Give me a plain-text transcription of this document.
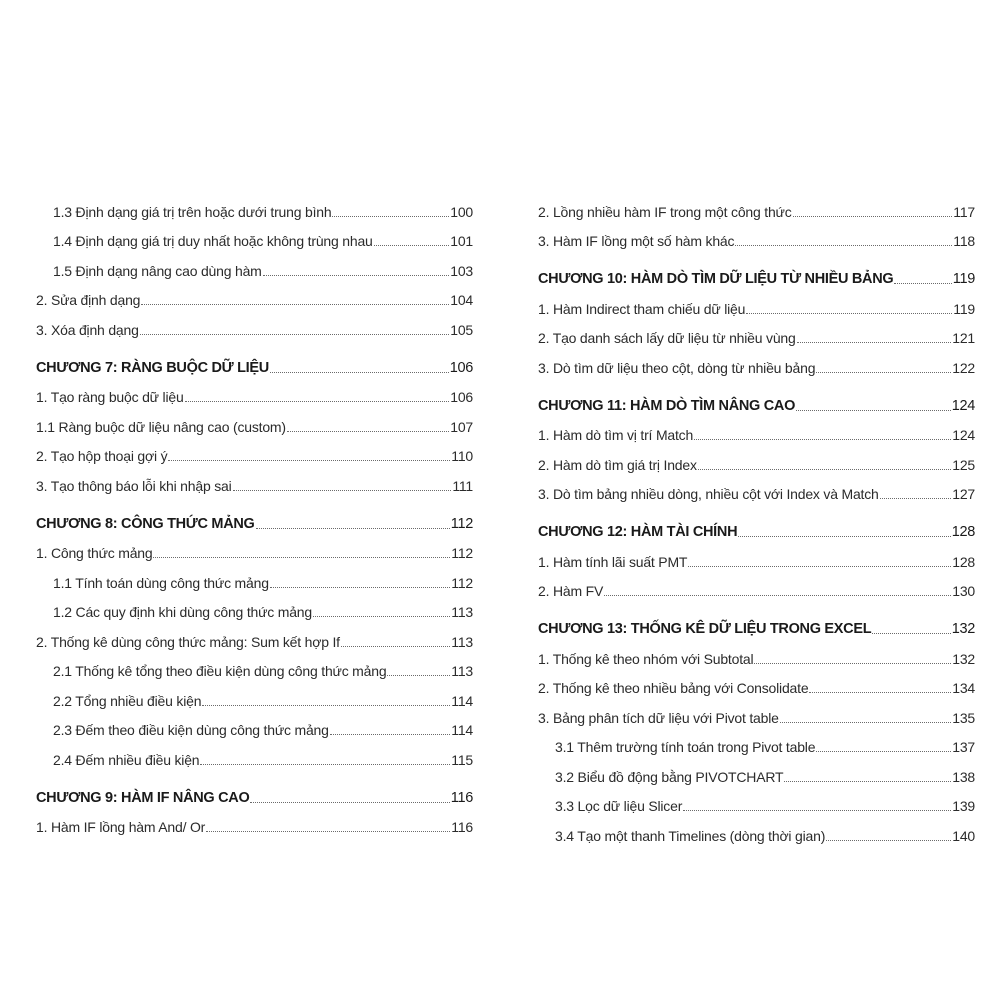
1.3 Định dạng giá trị trên hoặc dưới trung bình	100
1.4 Định dạng giá trị duy nhất hoặc không trùng nhau	101
1.5 Định dạng nâng cao dùng hàm	103
2. Sửa định dạng	104
3. Xóa định dạng	105
CHƯƠNG 7: RÀNG BUỘC DỮ LIỆU	106
1. Tạo ràng buộc dữ liệu	106
1.1 Ràng buộc dữ liệu nâng cao (custom)	107
2. Tạo hộp thoại gợi ý	110
3. Tạo thông báo lỗi khi nhập sai	111
CHƯƠNG 8: CÔNG THỨC MẢNG	112
1. Công thức mảng	112
1.1 Tính toán dùng công thức mảng	112
1.2 Các quy định khi dùng công thức mảng	113
2. Thống kê dùng công thức mảng: Sum kết hợp If	113
2.1 Thống kê tổng theo điều kiện dùng công thức mảng	113
2.2 Tổng nhiều điều kiện	114
2.3 Đếm theo điều kiện dùng công thức mảng	114
2.4 Đếm nhiều điều kiện	115
CHƯƠNG 9: HÀM IF NÂNG CAO	116
1. Hàm IF lồng hàm And/ Or	116
2. Lồng nhiều hàm IF trong một công thức	117
3. Hàm IF lồng một số hàm khác	118
CHƯƠNG 10: HÀM DÒ TÌM DỮ LIỆU TỪ NHIỀU BẢNG	119
1. Hàm Indirect tham chiếu dữ liệu	119
2. Tạo danh sách lấy dữ liệu từ nhiều vùng	121
3. Dò tìm dữ liệu theo cột, dòng từ nhiều bảng	122
CHƯƠNG 11: HÀM DÒ TÌM NÂNG CAO	124
1. Hàm dò tìm vị trí Match	124
2. Hàm dò tìm giá trị Index	125
3. Dò tìm bảng nhiều dòng, nhiều cột với Index và Match	127
CHƯƠNG 12: HÀM TÀI CHÍNH	128
1. Hàm tính lãi suất PMT	128
2. Hàm FV	130
CHƯƠNG 13: THỐNG KÊ DỮ LIỆU TRONG EXCEL	132
1. Thống kê theo nhóm với Subtotal	132
2. Thống kê theo nhiều bảng với Consolidate	134
3. Bảng phân tích dữ liệu với Pivot table	135
3.1 Thêm trường tính toán trong Pivot table	137
3.2 Biểu đồ động bằng PIVOTCHART	138
3.3 Lọc dữ liệu Slicer	139
3.4 Tạo một thanh Timelines (dòng thời gian)	140
